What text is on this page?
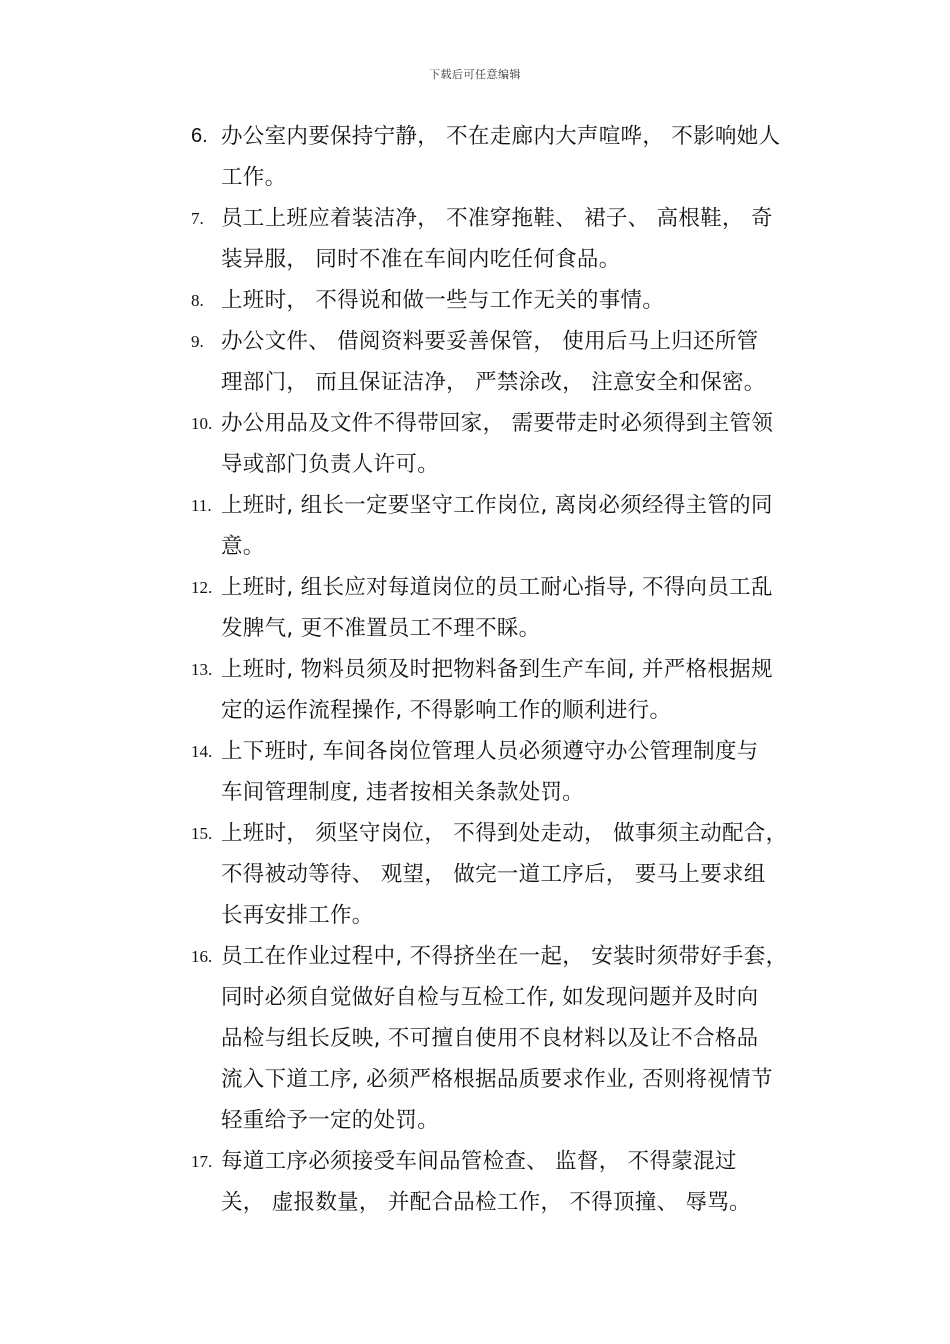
下载后可任意编辑
6. 办公室内要保持宁静， 不在走廊内大声喧哗， 不影响她人
工作。
7. 员工上班应着装洁净， 不准穿拖鞋、 裙子、 高根鞋， 奇
装异服， 同时不准在车间内吃任何食品。
8. 上班时， 不得说和做一些与工作无关的事情。
9. 办公文件、 借阅资料要妥善保管， 使用后马上归还所管
理部门， 而且保证洁净， 严禁涂改， 注意安全和保密。
10. 办公用品及文件不得带回家， 需要带走时必须得到主管领
导或部门负责人许可。
11. 上班时, 组长一定要坚守工作岗位, 离岗必须经得主管的同
意。
12. 上班时, 组长应对每道岗位的员工耐心指导, 不得向员工乱
发脾气, 更不准置员工不理不睬。
13. 上班时, 物料员须及时把物料备到生产车间, 并严格根据规
定的运作流程操作, 不得影响工作的顺利进行。
14. 上下班时, 车间各岗位管理人员必须遵守办公管理制度与
车间管理制度, 违者按相关条款处罚。
15. 上班时， 须坚守岗位， 不得到处走动， 做事须主动配合，
不得被动等待、 观望， 做完一道工序后， 要马上要求组
长再安排工作。
16. 员工在作业过程中, 不得挤坐在一起， 安装时须带好手套，
同时必须自觉做好自检与互检工作, 如发现问题并及时向
品检与组长反映, 不可擅自使用不良材料以及让不合格品
流入下道工序, 必须严格根据品质要求作业, 否则将视情节
轻重给予一定的处罚。
17. 每道工序必须接受车间品管检查、 监督， 不得蒙混过
关， 虚报数量， 并配合品检工作， 不得顶撞、 辱骂。
